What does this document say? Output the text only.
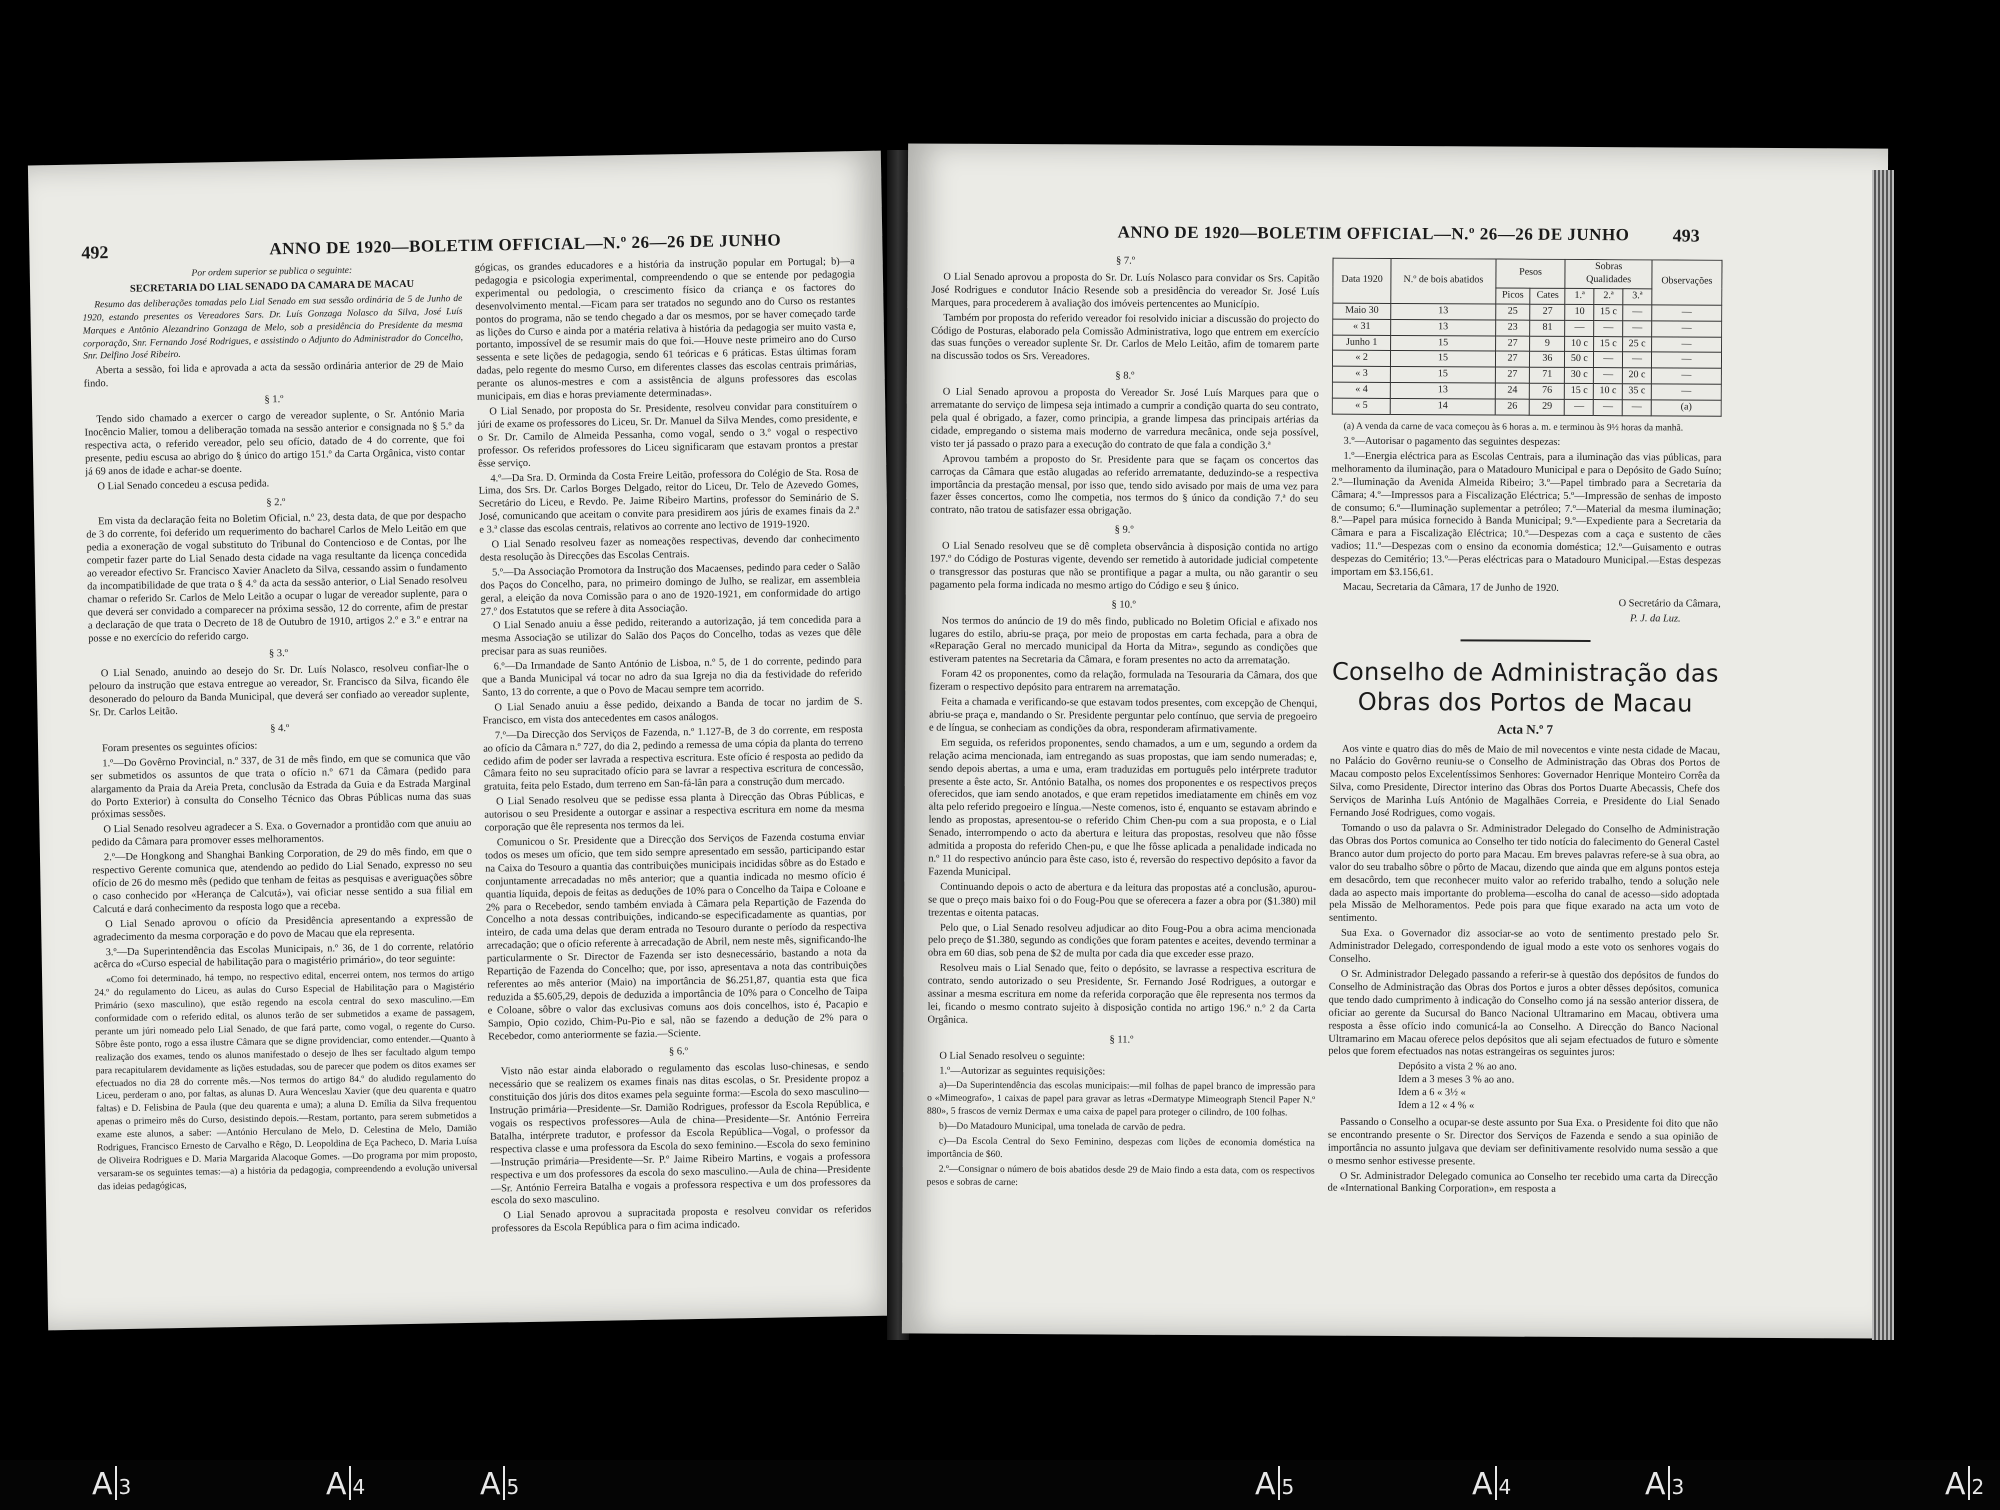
492	ANNO DE 1920—BOLETIM OFFICIAL—N.º 26—26 DE JUNHO

Por ordem superior se publica o seguinte:

SECRETARIA DO LIAL SENADO DA CAMARA DE MACAU

Resumo das deliberações tomadas pelo Lial Senado em sua sessão ordinária de 5 de Junho de 1920, estando presentes os Vereadores Sars. Dr. Luís Gonzaga Nolasco da Silva, José Luís Marques e Antônio Alezandrino Gonzaga de Melo, sob a presidência do Presidente da mesma corporação, Snr. Fernando José Rodrigues, e assistindo o Adjunto do Administrador do Concelho, Snr. Delfino José Ribeiro.

Aberta a sessão, foi lida e aprovada a acta da sessão ordinária anterior de 29 de Maio findo.

§ 1.º

Tendo sido chamado a exercer o cargo de vereador suplente, o Sr. António Maria Inocêncio Malier, tomou a deliberação tomada na sessão anterior e consignada no § 5.º da respectiva acta, o referido vereador, pelo seu ofício, datado de 4 do corrente, que foi presente, pediu escusa ao abrigo do § único do artigo 151.º da Carta Orgânica, visto contar já 69 anos de idade e achar-se doente.

O Lial Senado concedeu a escusa pedida.

§ 2.º

Em vista da declaração feita no Boletim Oficial, n.º 23, desta data, de que por despacho de 3 do corrente, foi deferido um requerimento do bacharel Carlos de Melo Leitão em que pedia a exoneração de vogal substituto do Tribunal do Contencioso e de Contas, por lhe competir fazer parte do Lial Senado desta cidade na vaga resultante da licença concedida ao vereador efectivo Sr. Francisco Xavier Anacleto da Silva, cessando assim o fundamento da incompatibilidade de que trata o § 4.º da acta da sessão anterior, o Lial Senado resolveu chamar o referido Sr. Carlos de Melo Leitão a ocupar o lugar de vereador suplente, para o que deverá ser convidado a comparecer na próxima sessão, 12 do corrente, afim de prestar a declaração de que trata o Decreto de 18 de Outubro de 1910, artigos 2.º e 3.º e entrar na posse e no exercício do referido cargo.

§ 3.º

O Lial Senado, anuindo ao desejo do Sr. Dr. Luís Nolasco, resolveu confiar-lhe o pelouro da instrução que estava entregue ao vereador, Sr. Francisco da Silva, ficando êle desonerado do pelouro da Banda Municipal, que deverá ser confiado ao vereador suplente, Sr. Dr. Carlos Leitão.

§ 4.º

Foram presentes os seguintes ofícios:

1.º—Do Govêrno Provincial, n.º 337, de 31 de mês findo, em que se comunica que vão ser submetidos os assuntos de que trata o ofício n.º 671 da Câmara (pedido para alargamento da Praia da Areia Preta, conclusão da Estrada da Guia e da Estrada Marginal do Porto Exterior) à consulta do Conselho Técnico das Obras Públicas numa das suas próximas sessões.

O Lial Senado resolveu agradecer a S. Exa. o Governador a prontidão com que anuiu ao pedido da Câmara para promover esses melhoramentos.

2.º—De Hongkong and Shanghai Banking Corporation, de 29 do mês findo, em que o respectivo Gerente comunica que, atendendo ao pedido do Lial Senado, expresso no seu ofício de 26 do mesmo mês (pedido que tenham de feitas as pesquisas e averiguações sôbre o caso conhecido por «Herança de Calcutá»), vai oficiar nesse sentido a sua filial em Calcutá e dará conhecimento da resposta logo que a receba.

O Lial Senado aprovou o ofício da Presidência apresentando a expressão de agradecimento da mesma corporação e do povo de Macau que ela representa.

3.º—Da Superintendência das Escolas Municipais, n.º 36, de 1 do corrente, relatório acêrca do «Curso especial de habilitação para o magistério primário», do teor seguinte:

«Como foi determinado, há tempo, no respectivo edital, encerrei ontem, nos termos do artigo 24.º do regulamento do Liceu, as aulas do Curso Especial de Habilitação para o Magistério Primário (sexo masculino), que estão regendo na escola central do sexo masculino.—Em conformidade com o referido edital, os alunos terão de ser submetidos a exame de passagem, perante um júri nomeado pelo Lial Senado, de que fará parte, como vogal, o regente do Curso. Sôbre êste ponto, rogo a essa ilustre Câmara que se digne providenciar, como entender.—Quanto à realização dos exames, tendo os alunos manifestado o desejo de lhes ser facultado algum tempo para recapitularem devidamente as lições estudadas, sou de parecer que podem os ditos exames ser efectuados no dia 28 do corrente mês.—Nos termos do artigo 84.º do aludido regulamento do Liceu, perderam o ano, por faltas, as alunas D. Aura Wenceslau Xavier (que deu quarenta e quatro faltas) e D. Felisbina de Paula (que deu quarenta e uma); a aluna D. Emília da Silva frequentou apenas o primeiro mês do Curso, desistindo depois.—Restam, portanto, para serem submetidos a exame este alunos, a saber: —António Herculano de Melo, D. Celestina de Melo, Damião Rodrigues, Francisco Ernesto de Carvalho e Rêgo, D. Leopoldina de Eça Pacheco, D. Maria Luísa de Oliveira Rodrigues e D. Maria Margarida Alacoque Gomes. —Do programa por mim proposto, versaram-se os seguintes temas:—a) a história da pedagogia, compreendendo a evolução universal das ideias pedagógicas,

gógicas, os grandes educadores e a história da instrução popular em Portugal; b)—a pedagogia e psicologia experimental, compreendendo o que se entende por pedagogia experimental ou pedologia, o crescimento físico da criança e os factores do desenvolvimento mental.—Ficam para ser tratados no segundo ano do Curso os restantes pontos do programa, não se tendo chegado a dar os mesmos, por se haver começado tarde as lições do Curso e ainda por a matéria relativa à história da pedagogia ser muito vasta e, portanto, impossível de se resumir mais do que foi.—Houve neste primeiro ano do Curso sessenta e sete lições de pedagogia, sendo 61 teóricas e 6 práticas. Estas últimas foram dadas, pelo regente do mesmo Curso, em diferentes classes das escolas centrais primárias, perante os alunos-mestres e com a assistência de alguns professores das escolas municipais, em dias e horas previamente determinadas».

O Lial Senado, por proposta do Sr. Presidente, resolveu convidar para constituírem o júri de exame os professores do Liceu, Sr. Dr. Manuel da Silva Mendes, como presidente, e o Sr. Dr. Camilo de Almeida Pessanha, como vogal, sendo o 3.º vogal o respectivo professor. Os referidos professores do Liceu significaram que estavam prontos a prestar êsse serviço.

4.º—Da Sra. D. Orminda da Costa Freire Leitão, professora do Colégio de Sta. Rosa de Lima, dos Srs. Dr. Carlos Borges Delgado, reitor do Liceu, Dr. Telo de Azevedo Gomes, Secretário do Liceu, e Revdo. Pe. Jaime Ribeiro Martins, professor do Seminário de S. José, comunicando que aceitam o convite para presidirem aos júris de exames finais da 2.ª e 3.ª classe das escolas centrais, relativos ao corrente ano lectivo de 1919-1920.

O Lial Senado resolveu fazer as nomeações respectivas, devendo dar conhecimento desta resolução às Direcções das Escolas Centrais.

5.º—Da Associação Promotora da Instrução dos Macaenses, pedindo para ceder o Salão dos Paços do Concelho, para, no primeiro domingo de Julho, se realizar, em assembleia geral, a eleição da nova Comissão para o ano de 1920-1921, em conformidade do artigo 27.º dos Estatutos que se refere à dita Associação.

O Lial Senado anuiu a êsse pedido, reiterando a autorização, já tem concedida para a mesma Associação se utilizar do Salão dos Paços do Concelho, todas as vezes que dêle precisar para as suas reuniões.

6.º—Da Irmandade de Santo António de Lisboa, n.º 5, de 1 do corrente, pedindo para que a Banda Municipal vá tocar no adro da sua Igreja no dia da festividade do referido Santo, 13 do corrente, a que o Povo de Macau sempre tem acorrido.

O Lial Senado anuiu a êsse pedido, deixando a Banda de tocar no jardim de S. Francisco, em vista dos antecedentes em casos análogos.

7.º—Da Direcção dos Serviços de Fazenda, n.º 1.127-B, de 3 do corrente, em resposta ao ofício da Câmara n.º 727, do dia 2, pedindo a remessa de uma cópia da planta do terreno cedido afim de poder ser lavrada a respectiva escritura. Este ofício é resposta ao pedido da Câmara feito no seu supracitado ofício para se lavrar a respectiva escritura de concessão, gratuita, feita pelo Estado, dum terreno em San-fá-lân para a construção dum mercado.

O Lial Senado resolveu que se pedisse essa planta à Direcção das Obras Públicas, e autorisou o seu Presidente a outorgar e assinar a respectiva escritura em nome da mesma corporação que êle representa nos termos da lei.

Comunicou o Sr. Presidente que a Direcção dos Serviços de Fazenda costuma enviar todos os meses um ofício, que tem sido sempre apresentado em sessão, participando estar na Caixa do Tesouro a quantia das contribuições municipais incididas sôbre as do Estado e conjuntamente arrecadadas no mês anterior; que a quantia indicada no mesmo ofício é quantia líquida, depois de feitas as deduções de 10% para o Concelho da Taipa e Coloane e 2% para o Recebedor, sendo também enviada à Câmara pela Repartição de Fazenda do Concelho a nota dessas contribuições, indicando-se especificadamente as quantias, por inteiro, de cada uma delas que deram entrada no Tesouro durante o período da respectiva arrecadação; que o ofício referente à arrecadação de Abril, nem neste mês, significando-lhe particularmente o Sr. Director de Fazenda ser isto desnecessário, bastando a nota da Repartição de Fazenda do Concelho; que, por isso, apresentava a nota das contribuições referentes ao mês anterior (Maio) na importância de $6.251,87, quantia esta que fica reduzida a $5.605,29, depois de deduzida a importância de 10% para o Concelho de Taipa e Coloane, sôbre o valor das exclusivas comuns aos dois concelhos, isto é, Pacapio e Sampio, Opio cozido, Chim-Pu-Pio e sal, não se fazendo a dedução de 2% para o Recebedor, como anteriormente se fazia.—Sciente.

§ 6.º

Visto não estar ainda elaborado o regulamento das escolas luso-chinesas, e sendo necessário que se realizem os exames finais nas ditas escolas, o Sr. Presidente propoz a constituição dos júris dos ditos exames pela seguinte forma:—Escola do sexo masculino—Instrução primária—Presidente—Sr. Damião Rodrigues, professor da Escola República, e vogais os respectivos professores—Aula de china—Presidente—Sr. António Ferreira Batalha, intérprete tradutor, e professor da Escola República—Vogal, o professor da respectiva classe e uma professora da Escola do sexo feminino.—Escola do sexo feminino—Instrução primária—Presidente—Sr. P.º Jaime Ribeiro Martins, e vogais a professora respectiva e um dos professores da escola do sexo masculino.—Aula de china—Presidente—Sr. António Ferreira Batalha e vogais a professora respectiva e um dos professores da escola do sexo masculino.

O Lial Senado aprovou a supracitada proposta e resolveu convidar os referidos professores da Escola República para o fim acima indicado.

ANNO DE 1920—BOLETIM OFFICIAL—N.º 26—26 DE JUNHO 493

§ 7.º

O Lial Senado aprovou a proposta do Sr. Dr. Luís Nolasco para convidar os Srs. Capitão José Rodrigues e condutor Inácio Resende sob a presidência do vereador Sr. José Luís Marques, para procederem à avaliação dos imóveis pertencentes ao Município.

Também por proposta do referido vereador foi resolvido iniciar a discussão do projecto do Código de Posturas, elaborado pela Comissão Administrativa, logo que entrem em exercício das suas funções o vereador suplente Sr. Dr. Carlos de Melo Leitão, afim de tomarem parte na discussão todos os Srs. Vereadores.

§ 8.º

O Lial Senado aprovou a proposta do Vereador Sr. José Luís Marques para que o arrematante do serviço de limpesa seja intimado a cumprir a condição quarta do seu contrato, pela qual é obrigado, a fazer, como principia, a grande limpesa das principais artérias da cidade, empregando o sistema mais moderno de varredura mecânica, onde seja possível, visto ter já passado o prazo para a execução do contrato de que fala a condição 3.ª

Aprovou também a proposto do Sr. Presidente para que se façam os concertos das carroças da Câmara que estão alugadas ao referido arrematante, deduzindo-se a respectiva importância da prestação mensal, por isso que, tendo sido avisado por mais de uma vez para fazer êsses concertos, como lhe competia, nos termos do § único da condição 7.ª do seu contrato, não tratou de satisfazer essa obrigação.

§ 9.º

O Lial Senado resolveu que se dê completa observância à disposição contida no artigo 197.º do Código de Posturas vigente, devendo ser remetido à autoridade judicial competente o transgressor das posturas que não se prontifique a pagar a multa, ou não garantir o seu pagamento pela forma indicada no mesmo artigo do Código e seu § único.

§ 10.º

Nos termos do anúncio de 19 do mês findo, publicado no Boletim Oficial e afixado nos lugares do estilo, abriu-se praça, por meio de propostas em carta fechada, para a obra de «Reparação Geral no mercado municipal da Horta da Mitra», segundo as condições que estiveram patentes na Secretaria da Câmara, e foram presentes no acto da arrematação.

Foram 42 os proponentes, como da relação, formulada na Tesouraria da Câmara, dos que fizeram o respectivo depósito para entrarem na arrematação.

Feita a chamada e verificando-se que estavam todos presentes, com excepção de Chenqui, abriu-se praça e, mandando o Sr. Presidente perguntar pelo contínuo, que servia de pregoeiro e de língua, se conheciam as condições da obra, responderam afirmativamente.

Em seguida, os referidos proponentes, sendo chamados, a um e um, segundo a ordem da relação acima mencionada, iam entregando as suas propostas, que iam sendo numeradas; e, sendo depois abertas, a uma e uma, eram traduzidas em português pelo intérprete tradutor presente a êste acto, Sr. António Batalha, os nomes dos proponentes e os respectivos preços oferecidos, que iam sendo anotados, e que eram repetidos imediatamente em chinês em voz alta pelo referido pregoeiro e língua.—Neste comenos, isto é, enquanto se estavam abrindo e lendo as propostas, apresentou-se o referido Chim Chen-pu com a sua proposta, e o Lial Senado, interrompendo o acto da abertura e leitura das propostas, resolveu que não fôsse admitida a proposta do referido Chen-pu, e que lhe fôsse aplicada a penalidade indicada no n.º 11 do respectivo anúncio para êste caso, isto é, reversão do respectivo depósito a favor da Fazenda Municipal.

Continuando depois o acto de abertura e da leitura das propostas até a conclusão, apurou-se que o preço mais baixo foi o do Foug-Pou que se oferecera a fazer a obra por ($1.380) mil trezentas e oitenta patacas.

Pelo que, o Lial Senado resolveu adjudicar ao dito Foug-Pou a obra acima mencionada pelo preço de $1.380, segundo as condições que foram patentes e aceites, devendo terminar a obra em 60 dias, sob pena de $2 de multa por cada dia que exceder esse prazo.

Resolveu mais o Lial Senado que, feito o depósito, se lavrasse a respectiva escritura de contrato, sendo autorizado o seu Presidente, Sr. Fernando José Rodrigues, a outorgar e assinar a mesma escritura em nome da referida corporação que êle representa nos termos da lei, ficando o mesmo contrato sujeito à disposição contida no artigo 196.º n.º 2 da Carta Orgânica.

§ 11.º

O Lial Senado resolveu o seguinte:

1.º—Autorizar as seguintes requisições:

a)—Da Superintendência das escolas municipais:—mil folhas de papel branco de impressão para o «Mimeografo», 1 caixas de papel para gravar as letras «Dermatype Mimeograph Stencil Paper N.º 880», 5 frascos de verniz Dermax e uma caixa de papel para proteger o cilindro, de 100 folhas.

b)—Do Matadouro Municipal, uma tonelada de carvão de pedra.

c)—Da Escola Central do Sexo Feminino, despezas com lições de economia doméstica na importância de $60.

2.º—Consignar o número de bois abatidos desde 29 de Maio findo a esta data, com os respectivos pesos e sobras de carne:

Data 1920	N.º de bois abatidos	Pesos		Sobras
Qualidades			Observações
		Picos	Cates	1.ª	2.ª	3.ª	
Maio 30	13	25	27	10	15 c	—	—
« 31	13	23	81	—	—	—	—
Junho 1	15	27	9	10 c	15 c	25 c	—
« 2	15	27	36	50 c	—	—	—
« 3	15	27	71	30 c	—	20 c	—
« 4	13	24	76	15 c	10 c	35 c	—
« 5	14	26	29	—	—	—	(a)

(a) A venda da carne de vaca começou às 6 horas a. m. e terminou às 9½ horas da manhã.

3.º—Autorisar o pagamento das seguintes despezas:

1.º—Energia eléctrica para as Escolas Centrais, para a iluminação das vias públicas, para melhoramento da iluminação, para o Matadouro Municipal e para o Depósito de Gado Suíno; 2.º—Iluminação da Avenida Almeida Ribeiro; 3.º—Papel timbrado para a Secretaria da Câmara; 4.º—Impressos para a Fiscalização Eléctrica; 5.º—Impressão de senhas de imposto de consumo; 6.º—Iluminação suplementar a petróleo; 7.º—Material da mesma iluminação; 8.º—Papel para música fornecido à Banda Municipal; 9.º—Expediente para a Secretaria da Câmara e para a Fiscalização Eléctrica; 10.º—Despezas com a caça e sustento de cães vadios; 11.º—Despezas com o ensino da economia doméstica; 12.º—Guisamento e outras despezas do Cemitério; 13.º—Peras eléctricas para o Matadouro Municipal.—Estas despezas importam em $3.156,61.

Macau, Secretaria da Câmara, 17 de Junho de 1920.

O Secretário da Câmara,

P. J. da Luz.

Conselho de Administração das Obras dos Portos de Macau

Acta N.º 7

Aos vinte e quatro dias do mês de Maio de mil novecentos e vinte nesta cidade de Macau, no Palácio do Govêrno reuniu-se o Conselho de Administração das Obras dos Portos de Macau composto pelos Excelentíssimos Senhores: Governador Henrique Monteiro Corrêa da Silva, como Presidente, Director interino das Obras dos Portos Duarte Abecassis, Chefe dos Serviços de Marinha Luís António de Magalhães Correia, e Presidente do Lial Senado Fernando José Rodrigues, como vogais.

Tomando o uso da palavra o Sr. Administrador Delegado do Conselho de Administração das Obras dos Portos comunica ao Conselho ter tido notícia do falecimento do General Castel Branco autor dum projecto do porto para Macau. Em breves palavras refere-se à sua obra, ao valor do seu trabalho sôbre o pôrto de Macau, dizendo que ainda que em alguns pontos esteja em desacôrdo, tem que reconhecer muito valor ao referido trabalho, tendo a solução nele dada ao aspecto mais importante do problema—escolha do canal de acesso—sido adoptada pela Missão de Melhoramentos. Pede pois para que fique exarado na acta um voto de sentimento.

Sua Exa. o Governador diz associar-se ao voto de sentimento prestado pelo Sr. Administrador Delegado, correspondendo de igual modo a este voto os senhores vogais do Conselho.

O Sr. Administrador Delegado passando a referir-se à questão dos depósitos de fundos do Conselho de Administração das Obras dos Portos e juros a obter dêsses depósitos, comunica que tendo dado cumprimento à indicação do Conselho como já na sessão anterior dissera, de oficiar ao gerente da Sucursal do Banco Nacional Ultramarino em Macau, obtivera uma resposta a êsse ofício indo comunicá-la ao Conselho. A Direcção do Banco Nacional Ultramarino em Macau oferece pelos depósitos que ali sejam efectuados de futuro e sòmente pelos que forem efectuados nas notas estrangeiras os seguintes juros:

Depósito a vista 2 % ao ano.
Idem a 3 meses 3 % ao ano.
Idem a 6 « 3½ «
Idem a 12 « 4 % «

Passando o Conselho a ocupar-se deste assunto por Sua Exa. o Presidente foi dito que não se encontrando presente o Sr. Director dos Serviços de Fazenda e sendo a sua opinião de importância no assunto julgava que deviam ser definitivamente resolvido numa sessão a que o mesmo senhor estivesse presente.

O Sr. Administrador Delegado comunica ao Conselho ter recebido uma carta da Direcção de «International Banking Corporation», em resposta a

A 3	A 4	A 5	A 5	A 4	A 3	A 2
